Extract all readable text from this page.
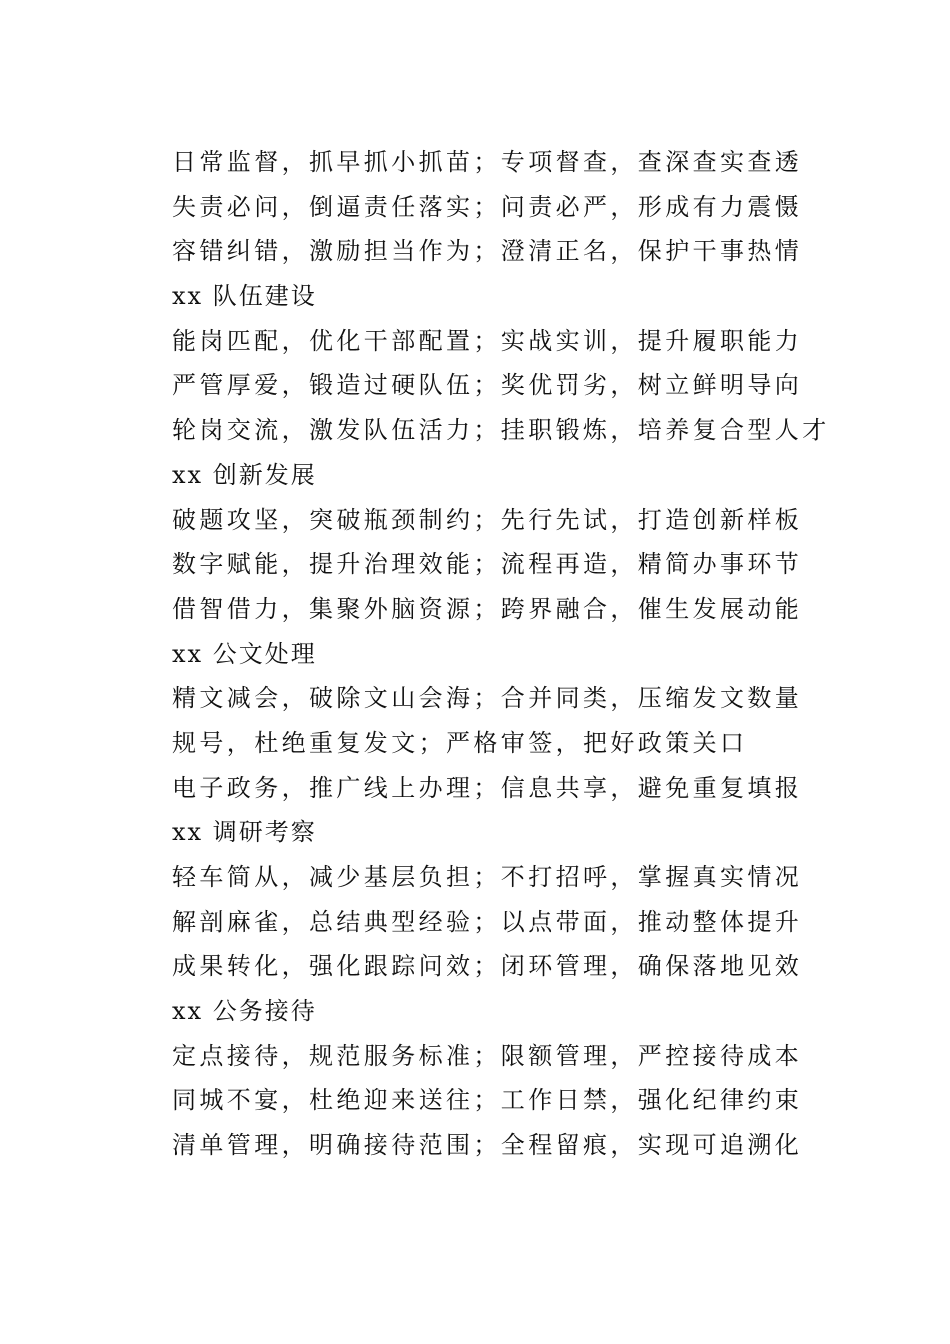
日常监督，抓早抓小抓苗；专项督查，查深查实查透
失责必问，倒逼责任落实；问责必严，形成有力震慑
容错纠错，激励担当作为；澄清正名，保护干事热情
xx 队伍建设
能岗匹配，优化干部配置；实战实训，提升履职能力
严管厚爱，锻造过硬队伍；奖优罚劣，树立鲜明导向
轮岗交流，激发队伍活力；挂职锻炼，培养复合型人才
xx 创新发展
破题攻坚，突破瓶颈制约；先行先试，打造创新样板
数字赋能，提升治理效能；流程再造，精简办事环节
借智借力，集聚外脑资源；跨界融合，催生发展动能
xx 公文处理
精文减会，破除文山会海；合并同类，压缩发文数量
规号，杜绝重复发文；严格审签，把好政策关口
电子政务，推广线上办理；信息共享，避免重复填报
xx 调研考察
轻车简从，减少基层负担；不打招呼，掌握真实情况
解剖麻雀，总结典型经验；以点带面，推动整体提升
成果转化，强化跟踪问效；闭环管理，确保落地见效
xx 公务接待
定点接待，规范服务标准；限额管理，严控接待成本
同城不宴，杜绝迎来送往；工作日禁，强化纪律约束
清单管理，明确接待范围；全程留痕，实现可追溯化
